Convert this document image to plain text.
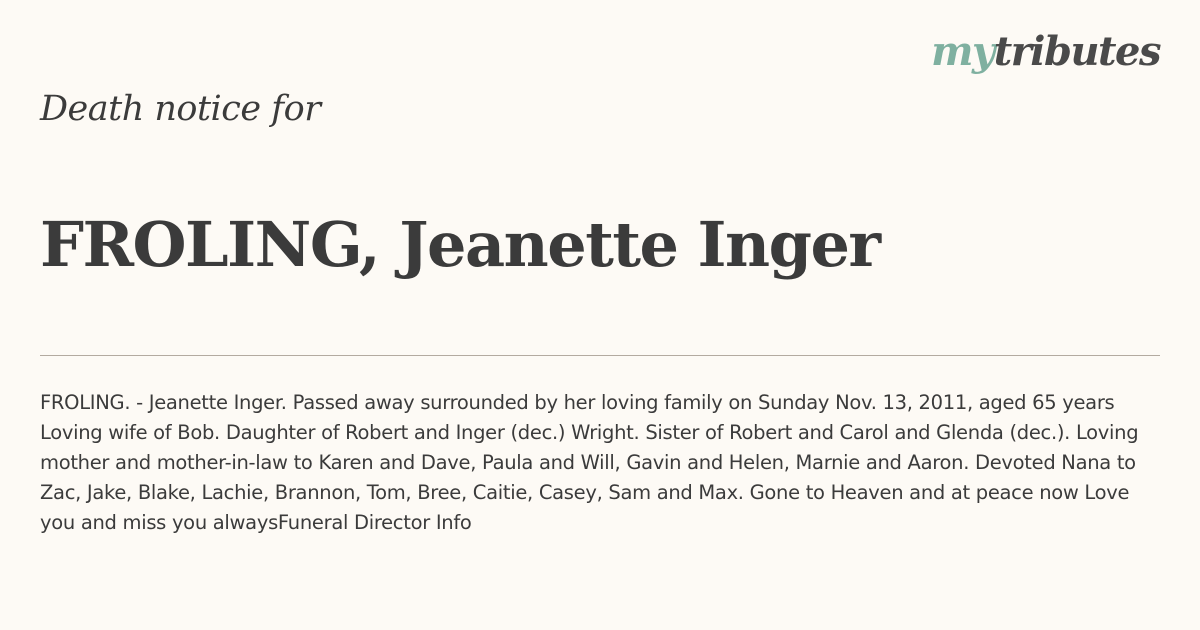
mytributes
Death notice for
FROLING, Jeanette Inger

FROLING. - Jeanette Inger. Passed away surrounded by her loving family on Sunday Nov. 13, 2011, aged 65 years Loving wife of Bob. Daughter of Robert and Inger (dec.) Wright. Sister of Robert and Carol and Glenda (dec.). Loving mother and mother-in-law to Karen and Dave, Paula and Will, Gavin and Helen, Marnie and Aaron. Devoted Nana to Zac, Jake, Blake, Lachie, Brannon, Tom, Bree, Caitie, Casey, Sam and Max. Gone to Heaven and at peace now Love you and miss you alwaysFuneral Director Info
